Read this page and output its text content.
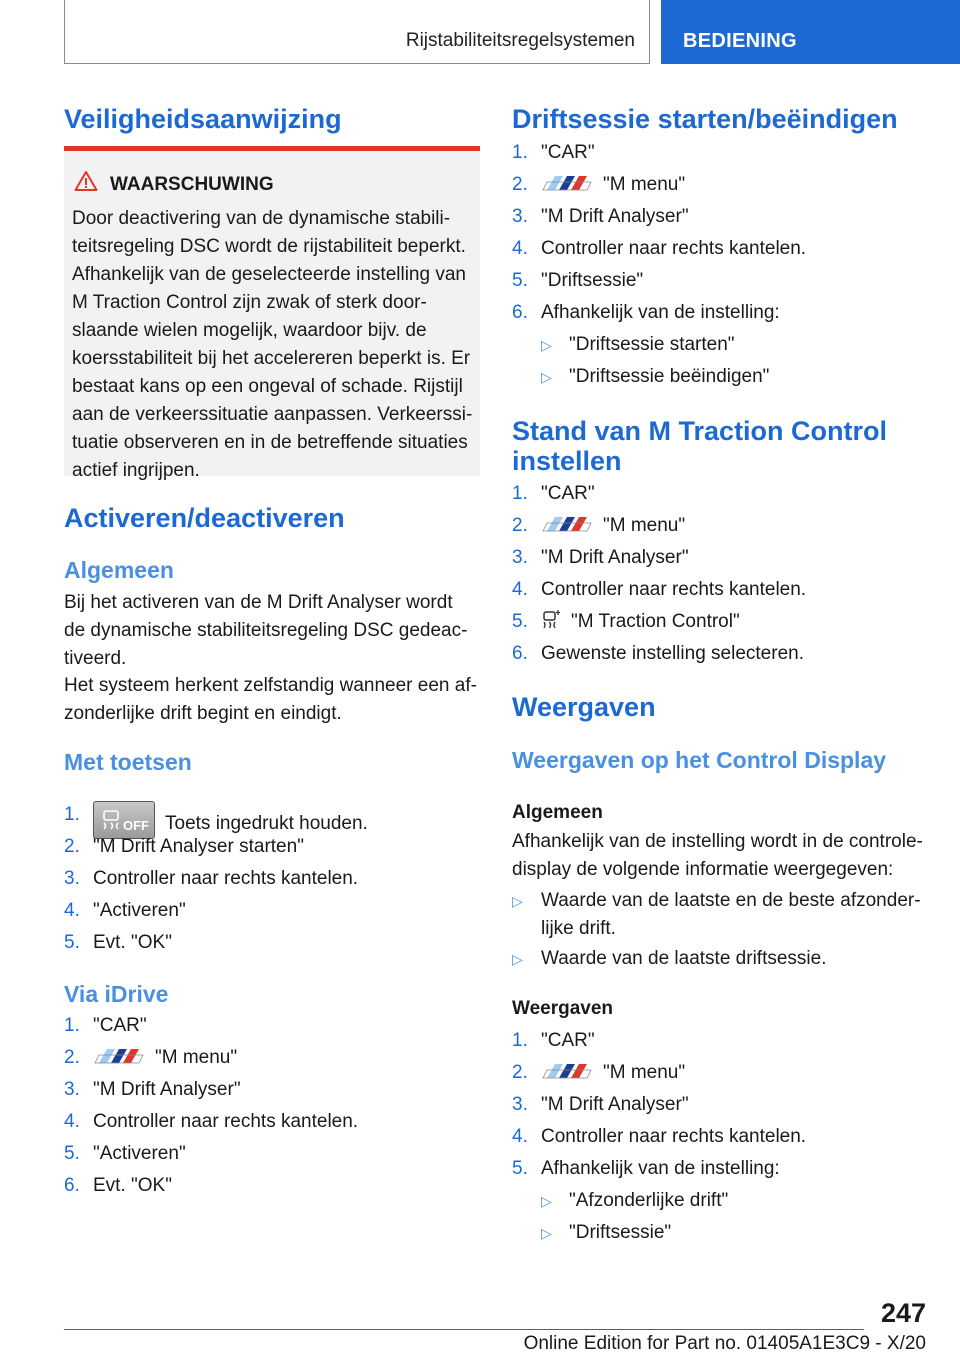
Rijstabiliteitsregelsystemen BEDIENING
Veiligheidsaanwijzing
WAARSCHUWING
Door deactivering van de dynamische stabili-
teitsregeling DSC wordt de rijstabiliteit beperkt.
Afhankelijk van de geselecteerde instelling van
M Traction Control zijn zwak of sterk door-
slaande wielen mogelijk, waardoor bijv. de
koersstabiliteit bij het accelereren beperkt is. Er
bestaat kans op een ongeval of schade. Rijstijl
aan de verkeerssituatie aanpassen. Verkeerssi-
tuatie observeren en in de betreffende situaties
actief ingrijpen.
Activeren/deactiveren
Algemeen
Bij het activeren van de M Drift Analyser wordt
de dynamische stabiliteitsregeling DSC gedeac-
tiveerd.
Het systeem herkent zelfstandig wanneer een af-
zonderlijke drift begint en eindigt.
Met toetsen
1.
OFF Toets ingedrukt houden.
2. "M Drift Analyser starten"
3. Controller naar rechts kantelen.
4. "Activeren"
5. Evt. "OK"
Via iDrive
1. "CAR"
2.	"M menu"
3. "M Drift Analyser"
4. Controller naar rechts kantelen.
5. "Activeren"
6. Evt. "OK"
Driftsessie starten/beëindigen
1. "CAR"
2.	"M menu"
3. "M Drift Analyser"
4. Controller naar rechts kantelen.
5. "Driftsessie"
6. Afhankelijk van de instelling:
▷ "Driftsessie starten"
▷ "Driftsessie beëindigen"
Stand van M Traction Control
instellen
1. "CAR"
2.	"M menu"
3. "M Drift Analyser"
4. Controller naar rechts kantelen.
5.	"M Traction Control"
6. Gewenste instelling selecteren.
Weergaven
Weergaven op het Control Display
Algemeen
Afhankelijk van de instelling wordt in de controle-
display de volgende informatie weergegeven:
▷ Waarde van de laatste en de beste afzonder-
lijke drift.
▷ Waarde van de laatste driftsessie.
Weergaven
1. "CAR"
2.	"M menu"
3. "M Drift Analyser"
4. Controller naar rechts kantelen.
5. Afhankelijk van de instelling:
▷ "Afzonderlijke drift"
▷ "Driftsessie"
247
Online Edition for Part no. 01405A1E3C9 - X/20
